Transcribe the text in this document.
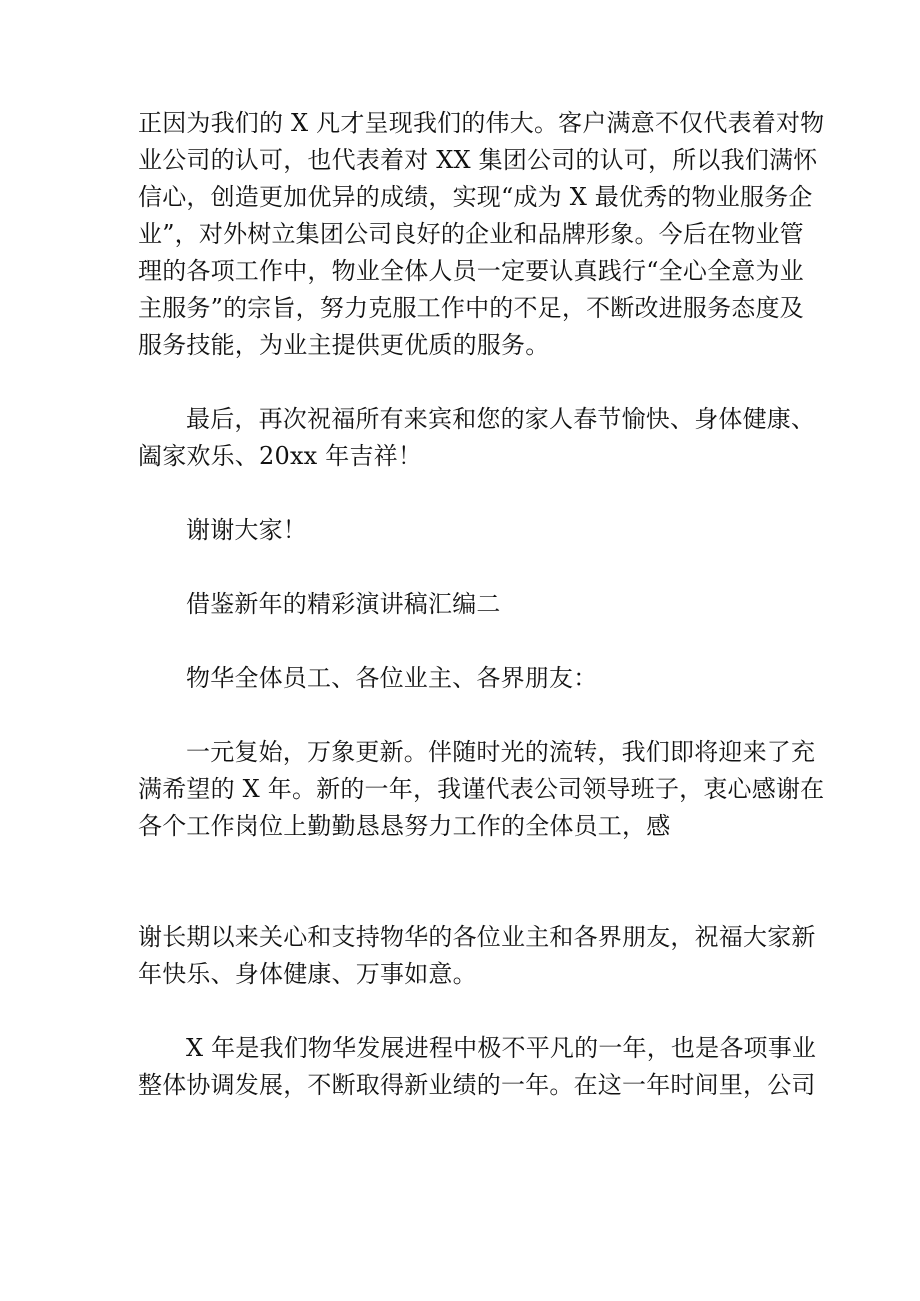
正因为我们的 X 凡才呈现我们的伟大。客户满意不仅代表着对物
业公司的认可，也代表着对 XX 集团公司的认可，所以我们满怀
信心，创造更加优异的成绩，实现“成为 X 最优秀的物业服务企
业”，对外树立集团公司良好的企业和品牌形象。今后在物业管
理的各项工作中，物业全体人员一定要认真践行“全心全意为业
主服务”的宗旨，努力克服工作中的不足，不断改进服务态度及
服务技能，为业主提供更优质的服务。
最后，再次祝福所有来宾和您的家人春节愉快、身体健康、
阖家欢乐、20xx 年吉祥！
谢谢大家！
借鉴新年的精彩演讲稿汇编二
物华全体员工、各位业主、各界朋友：
一元复始，万象更新。伴随时光的流转，我们即将迎来了充
满希望的 X 年。新的一年，我谨代表公司领导班子，衷心感谢在
各个工作岗位上勤勤恳恳努力工作的全体员工，感
谢长期以来关心和支持物华的各位业主和各界朋友，祝福大家新
年快乐、身体健康、万事如意。
X 年是我们物华发展进程中极不平凡的一年，也是各项事业
整体协调发展，不断取得新业绩的一年。在这一年时间里，公司
